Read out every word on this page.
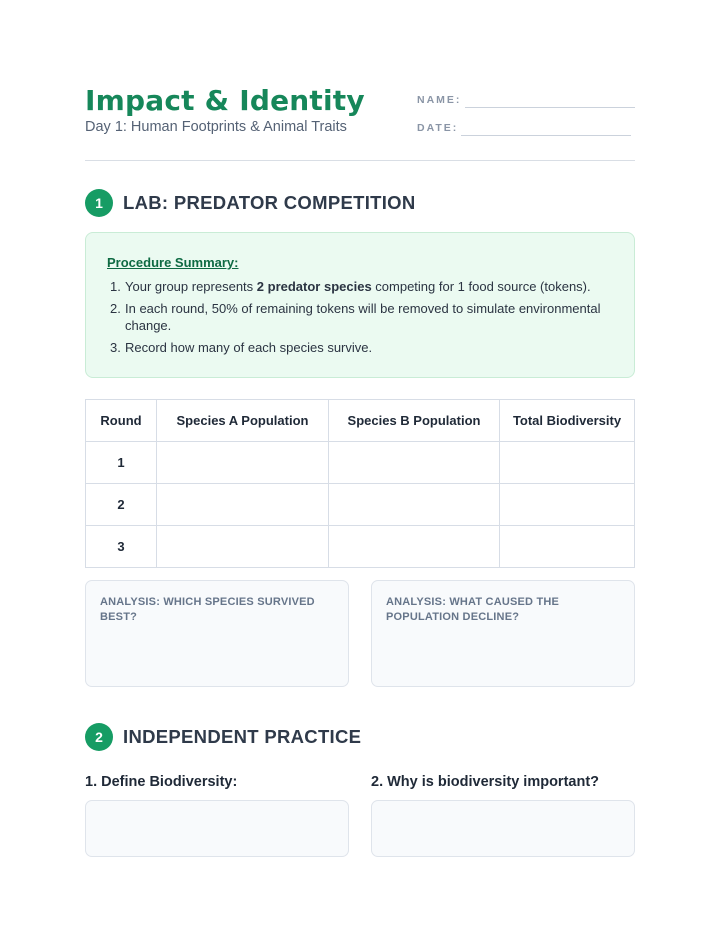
Impact & Identity
Day 1: Human Footprints & Animal Traits
NAME:
DATE:
1	LAB: PREDATOR COMPETITION
Procedure Summary:
1. Your group represents 2 predator species competing for 1 food source (tokens).
2. In each round, 50% of remaining tokens will be removed to simulate environmental change.
3. Record how many of each species survive.
Round	Species A Population	Species B Population	Total Biodiversity
1			
2			
3			
ANALYSIS: WHICH SPECIES SURVIVED BEST?
ANALYSIS: WHAT CAUSED THE POPULATION DECLINE?
2	INDEPENDENT PRACTICE
1. Define Biodiversity:	2. Why is biodiversity important?
